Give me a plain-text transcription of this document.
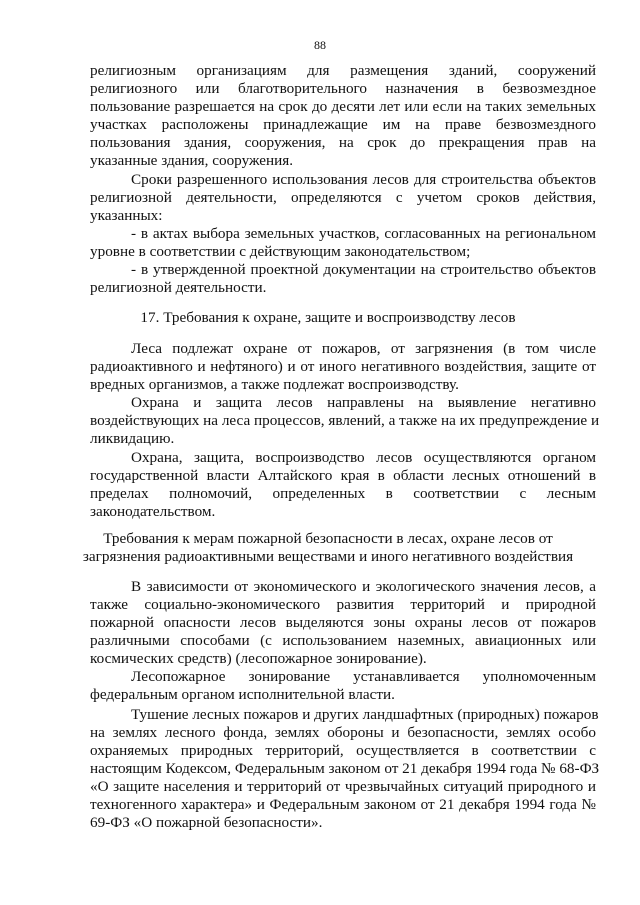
88
религиозным организациям для размещения зданий, сооружений
религиозного или благотворительного назначения в безвозмездное
пользование разрешается на срок до десяти лет или если на таких земельных
участках расположены принадлежащие им на праве безвозмездного
пользования здания, сооружения, на срок до прекращения прав на
указанные здания, сооружения.
Сроки разрешенного использования лесов для строительства объектов
религиозной деятельности, определяются с учетом сроков действия,
указанных:
- в актах выбора земельных участков, согласованных на региональном
уровне в соответствии с действующим законодательством;
- в утвержденной проектной документации на строительство объектов
религиозной деятельности.
17. Требования к охране, защите и воспроизводству лесов
Леса подлежат охране от пожаров, от загрязнения (в том числе
радиоактивного и нефтяного) и от иного негативного воздействия, защите от
вредных организмов, а также подлежат воспроизводству.
Охрана и защита лесов направлены на выявление негативно
воздействующих на леса процессов, явлений, а также на их предупреждение и
ликвидацию.
Охрана, защита, воспроизводство лесов осуществляются органом
государственной власти Алтайского края в области лесных отношений в
пределах полномочий, определенных в соответствии с лесным
законодательством.
Требования к мерам пожарной безопасности в лесах, охране лесов от
загрязнения радиоактивными веществами и иного негативного воздействия
В зависимости от экономического и экологического значения лесов, а
также социально-экономического развития территорий и природной
пожарной опасности лесов выделяются зоны охраны лесов от пожаров
различными способами (с использованием наземных, авиационных или
космических средств) (лесопожарное зонирование).
Лесопожарное зонирование устанавливается уполномоченным
федеральным органом исполнительной власти.
Тушение лесных пожаров и других ландшафтных (природных) пожаров
на землях лесного фонда, землях обороны и безопасности, землях особо
охраняемых природных территорий, осуществляется в соответствии с
настоящим Кодексом, Федеральным законом от 21 декабря 1994 года № 68-ФЗ
«О защите населения и территорий от чрезвычайных ситуаций природного и
техногенного характера» и Федеральным законом от 21 декабря 1994 года №
69-ФЗ «О пожарной безопасности».
